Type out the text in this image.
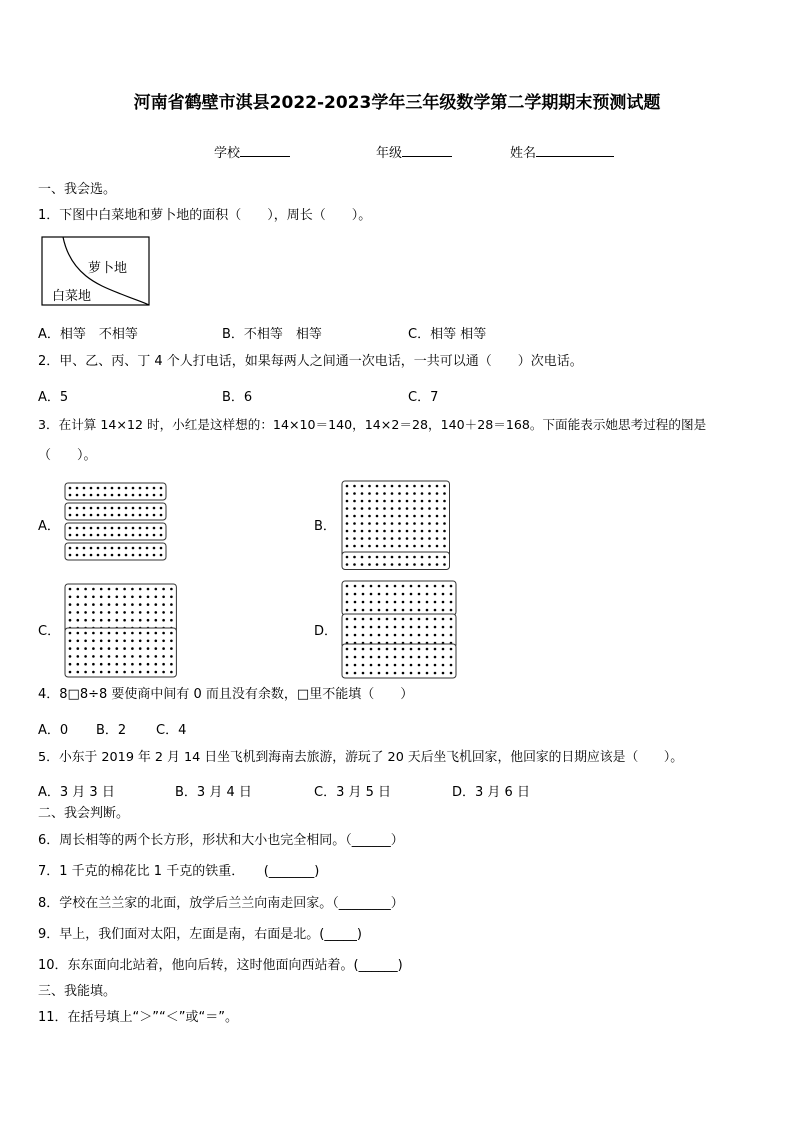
河南省鹤壁市淇县2022-2023学年三年级数学第二学期期末预测试题
学校	年级	姓名
一、我会选。
1．下图中白菜地和萝卜地的面积（　　），周长（　　）。
萝卜地
白菜地
A．相等　不相等	B．不相等　相等	C．相等 相等
2．甲、乙、丙、丁 4 个人打电话，如果每两人之间通一次电话，一共可以通（　　）次电话。
A．5	B．6	C．7
3．在计算 14×12 时，小红是这样想的：14×10＝140，14×2＝28，140＋28＝168。下面能表示她思考过程的图是
（　　）。
A．	B．
C．	D．
4．8□8÷8 要使商中间有 0 而且没有余数，□里不能填（　　）
A．0 B．2 C．4
5．小东于 2019 年 2 月 14 日坐飞机到海南去旅游，游玩了 20 天后坐飞机回家，他回家的日期应该是（　　）。
A．3 月 3 日	B．3 月 4 日	C．3 月 5 日	D．3 月 6 日
二、我会判断。
6．周长相等的两个长方形，形状和大小也完全相同。（______）
7．1 千克的棉花比 1 千克的铁重．　　(_______)
8．学校在兰兰家的北面，放学后兰兰向南走回家。（________）
9．早上，我们面对太阳，左面是南，右面是北。(_____)
10．东东面向北站着，他向后转，这时他面向西站着。(______)
三、我能填。
11．在括号填上“＞”“＜”或“＝”。
